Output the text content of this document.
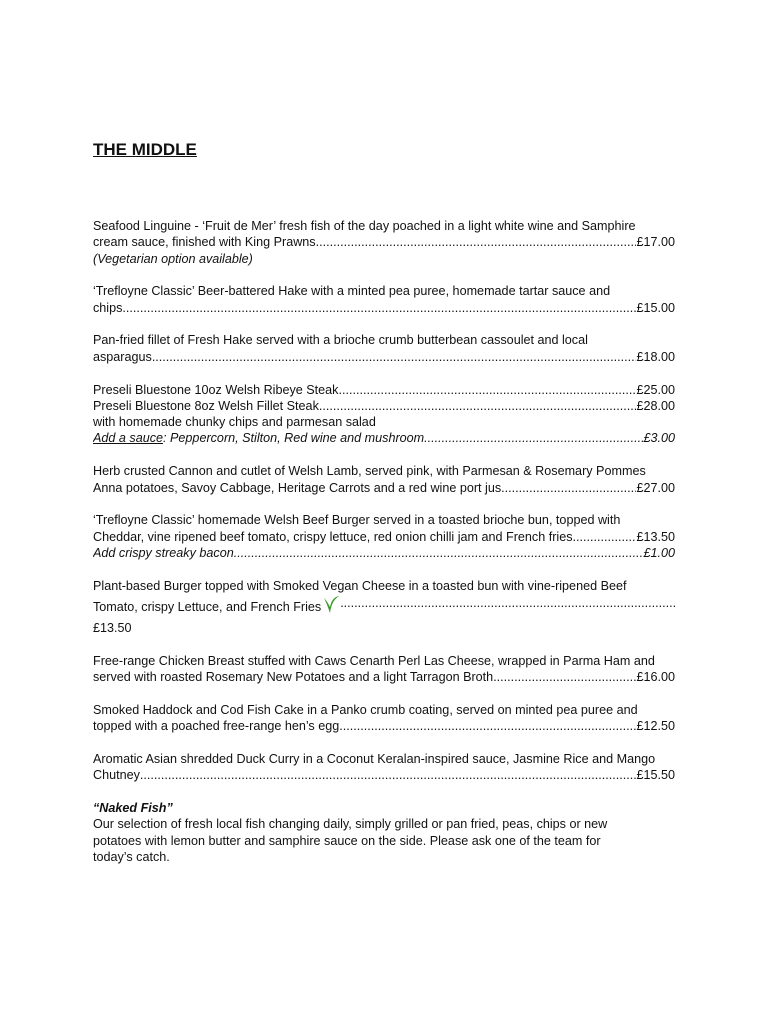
THE MIDDLE
Seafood Linguine - ‘Fruit de Mer’ fresh fish of the day poached in a light white wine and Samphire
cream sauce, finished with King Prawns .....	£17.00
(Vegetarian option available)
‘Trefloyne Classic’ Beer-battered Hake with a minted pea puree, homemade tartar sauce and
chips .....	£15.00
Pan-fried fillet of Fresh Hake served with a brioche crumb butterbean cassoulet and local
asparagus .....	£18.00
Preseli Bluestone 10oz Welsh Ribeye Steak .....	£25.00
Preseli Bluestone 8oz Welsh Fillet Steak .....	£28.00
with homemade chunky chips and parmesan salad
Add a sauce: Peppercorn, Stilton, Red wine and mushroom .....	£3.00
Herb crusted Cannon and cutlet of Welsh Lamb, served pink, with Parmesan & Rosemary Pommes
Anna potatoes, Savoy Cabbage, Heritage Carrots and a red wine port jus .....	£27.00
‘Trefloyne Classic’ homemade Welsh Beef Burger served in a toasted brioche bun, topped with
Cheddar, vine ripened beef tomato, crispy lettuce, red onion chilli jam and French fries .....	£13.50
Add crispy streaky bacon .....	£1.00
Plant-based Burger topped with Smoked Vegan Cheese in a toasted bun with vine-ripened Beef
Tomato, crispy Lettuce, and French Fries
.....
£13.50
Free-range Chicken Breast stuffed with Caws Cenarth Perl Las Cheese, wrapped in Parma Ham and
served with roasted Rosemary New Potatoes and a light Tarragon Broth .....	£16.00
Smoked Haddock and Cod Fish Cake in a Panko crumb coating, served on minted pea puree and
topped with a poached free-range hen’s egg .....	£12.50
Aromatic Asian shredded Duck Curry in a Coconut Keralan-inspired sauce, Jasmine Rice and Mango
Chutney .....	£15.50
“Naked Fish”
Our selection of fresh local fish changing daily, simply grilled or pan fried, peas, chips or new potatoes with lemon butter and samphire sauce on the side. Please ask one of the team for today’s catch.
